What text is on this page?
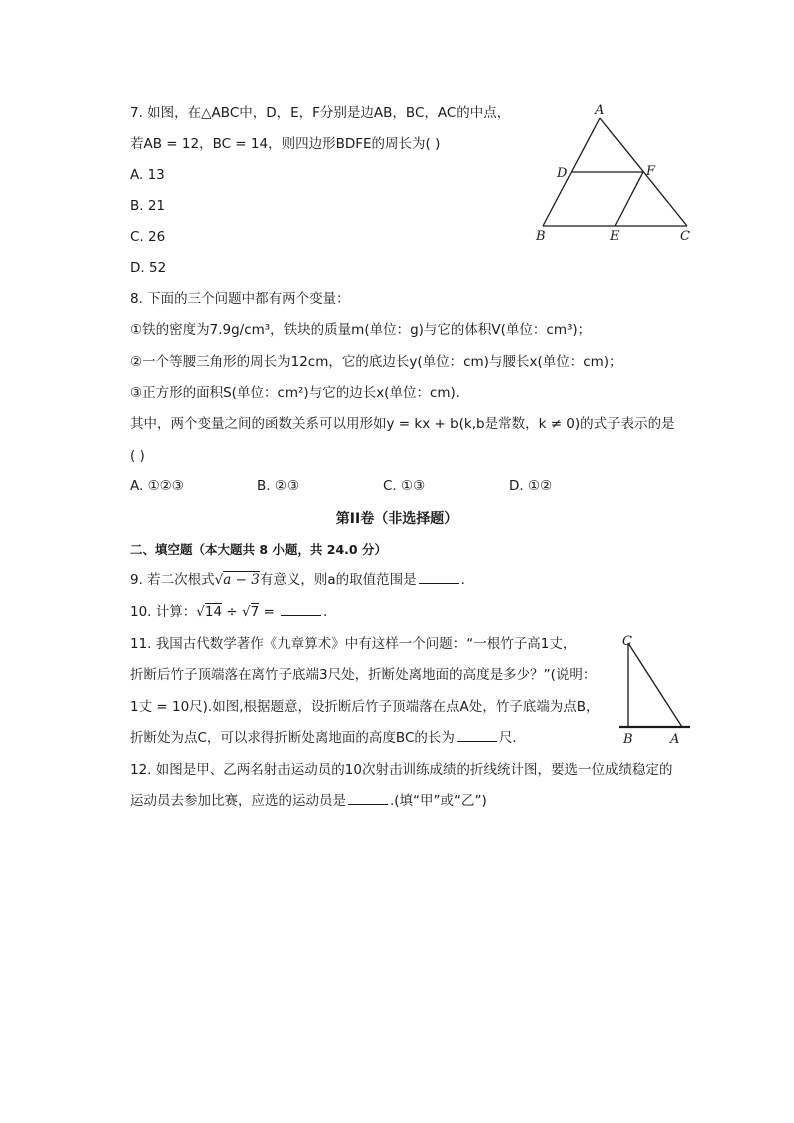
7. 如图，在△ABC中，D，E，F分别是边AB，BC，AC的中点，
若AB = 12，BC = 14，则四边形BDFE的周长为( )
A. 13
B. 21
C. 26
D. 52
A
D	F
B	E	C
8. 下面的三个问题中都有两个变量：
①铁的密度为7.9g/cm³，铁块的质量m(单位：g)与它的体积V(单位：cm³)；
②一个等腰三角形的周长为12cm，它的底边长y(单位：cm)与腰长x(单位：cm)；
③正方形的面积S(单位：cm²)与它的边长x(单位：cm)．
其中，两个变量之间的函数关系可以用形如y = kx + b(k,b是常数，k ≠ 0)的式子表示的是
( )
A. ①②③	B. ②③	C. ①③	D. ①②
第II卷（非选择题）
二、填空题（本大题共 8 小题，共 24.0 分）
9. 若二次根式√a − 3有意义，则a的取值范围是	．
10. 计算：√14 ÷ √7 =	．
11. 我国古代数学著作《九章算术》中有这样一个问题：“一根竹子高1丈，
折断后竹子顶端落在离竹子底端3尺处，折断处离地面的高度是多少？”(说明：
1丈 = 10尺).如图,根据题意，设折断后竹子顶端落在点A处，竹子底端为点B，
折断处为点C，可以求得折断处离地面的高度BC的长为	尺．
C
B	A
12. 如图是甲、乙两名射击运动员的10次射击训练成绩的折线统计图，要选一位成绩稳定的
运动员去参加比赛，应选的运动员是	.(填“甲”或“乙”)
